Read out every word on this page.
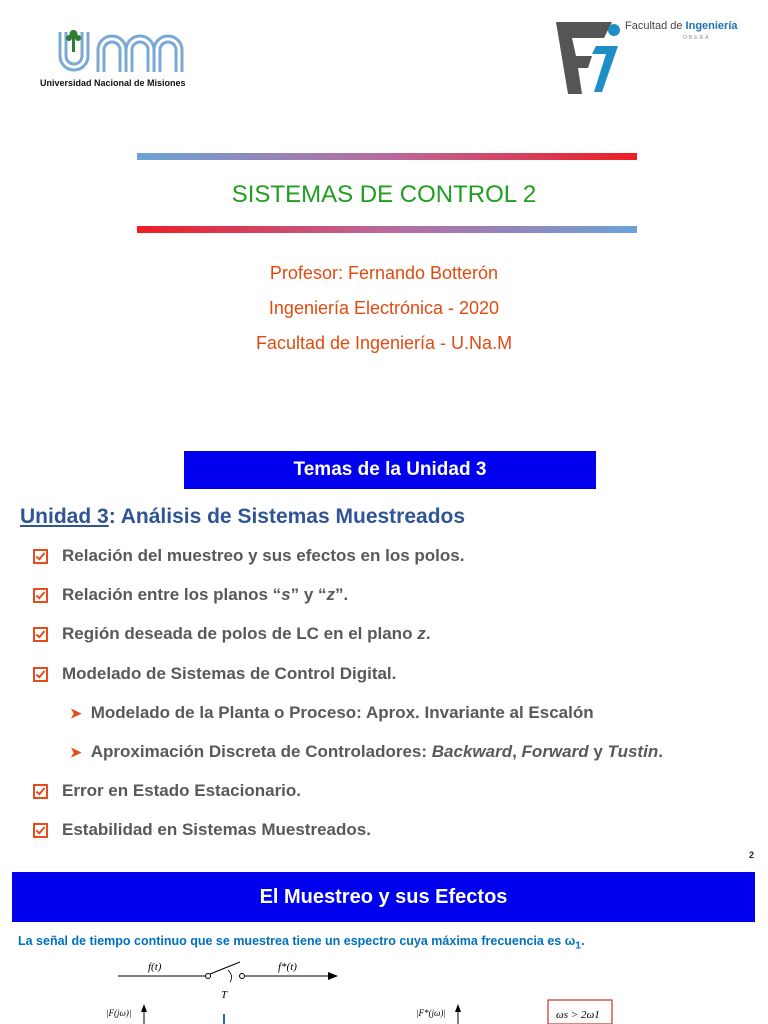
Universidad Nacional de Misiones
Facultad de Ingeniería
OBERÁ
SISTEMAS DE CONTROL 2
Profesor: Fernando Botterón
Ingeniería Electrónica - 2020
Facultad de Ingeniería - U.Na.M
Temas de la Unidad 3
Unidad 3: Análisis de Sistemas Muestreados
Relación del muestreo y sus efectos en los polos.
Relación entre los planos “s” y “z”.
Región deseada de polos de LC en el plano z.
Modelado de Sistemas de Control Digital.
➤ Modelado de la Planta o Proceso: Aprox. Invariante al Escalón
➤ Aproximación Discreta de Controladores: Backward, Forward y Tustin.
Error en Estado Estacionario.
Estabilidad en Sistemas Muestreados.
2
El Muestreo y sus Efectos
La señal de tiempo continuo que se muestrea tiene un espectro cuya máxima frecuencia es $\omega_1$.
f(t)	f*(t)
T
|F(jω)|	|F*(jω)|	ωs > 2ω1
